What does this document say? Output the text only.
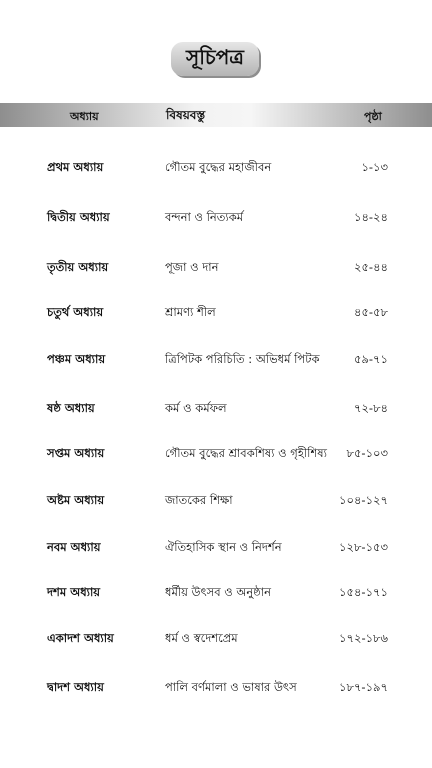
সূচিপত্র
অধ্যায়	বিষয়বস্তু	পৃষ্ঠা
প্রথম অধ্যায়	গৌতম বুদ্ধের মহাজীবন	১-১৩
দ্বিতীয় অধ্যায়	বন্দনা ও নিত্যকর্ম	১৪-২৪
তৃতীয় অধ্যায়	পূজা ও দান	২৫-৪৪
চতুর্থ অধ্যায়	শ্রামণ্য শীল	৪৫-৫৮
পঞ্চম অধ্যায়	ত্রিপিটক পরিচিতি : অভিধর্ম পিটক	৫৯-৭১
ষষ্ঠ অধ্যায়	কর্ম ও কর্মফল	৭২-৮৪
সপ্তম অধ্যায়	গৌতম বুদ্ধের শ্রাবকশিষ্য ও গৃহীশিষ্য ৮৫-১০৩
অষ্টম অধ্যায়	জাতকের শিক্ষা	১০৪-১২৭
নবম অধ্যায়	ঐতিহাসিক স্থান ও নিদর্শন	১২৮-১৫৩
দশম অধ্যায়	ধর্মীয় উৎসব ও অনুষ্ঠান	১৫৪-১৭১
একাদশ অধ্যায়	ধর্ম ও স্বদেশপ্রেম	১৭২-১৮৬
দ্বাদশ অধ্যায়	পালি বর্ণমালা ও ভাষার উৎস	১৮৭-১৯৭
